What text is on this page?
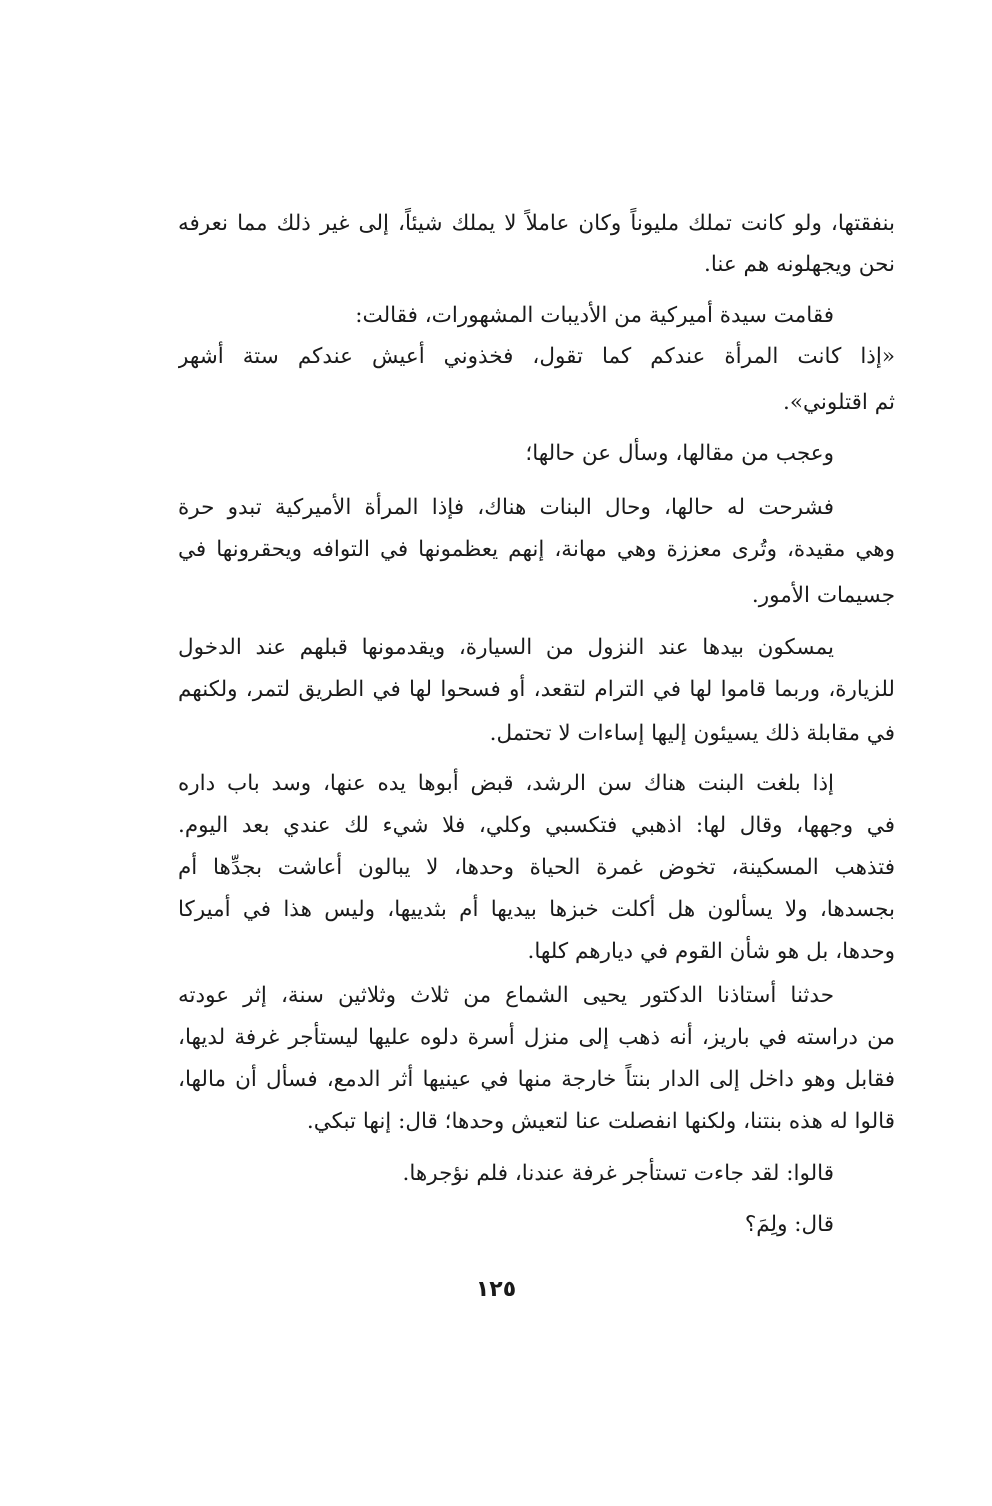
بنفقتها، ولو كانت تملك مليوناً وكان عاملاً لا يملك شيئاً، إلى غير ذلك مما نعرفه
نحن ويجهلونه هم عنا.
فقامت سيدة أميركية من الأديبات المشهورات، فقالت:
«إذا كانت المرأة عندكم كما تقول، فخذوني أعيش عندكم ستة أشهر
ثم اقتلوني».
وعجب من مقالها، وسأل عن حالها؛
فشرحت له حالها، وحال البنات هناك، فإذا المرأة الأميركية تبدو حرة
وهي مقيدة، وتُرى معززة وهي مهانة، إنهم يعظمونها في التوافه ويحقرونها في
جسيمات الأمور.
يمسكون بيدها عند النزول من السيارة، ويقدمونها قبلهم عند الدخول
للزيارة، وربما قاموا لها في الترام لتقعد، أو فسحوا لها في الطريق لتمر، ولكنهم
في مقابلة ذلك يسيئون إليها إساءات لا تحتمل.
إذا بلغت البنت هناك سن الرشد، قبض أبوها يده عنها، وسد باب داره
في وجهها، وقال لها: اذهبي فتكسبي وكلي، فلا شيء لك عندي بعد اليوم.
فتذهب المسكينة، تخوض غمرة الحياة وحدها، لا يبالون أعاشت بجدِّها أم
بجسدها، ولا يسألون هل أكلت خبزها بيديها أم بثدييها، وليس هذا في أميركا
وحدها، بل هو شأن القوم في ديارهم كلها.
حدثنا أستاذنا الدكتور يحيى الشماع من ثلاث وثلاثين سنة، إثر عودته
من دراسته في باريز، أنه ذهب إلى منزل أسرة دلوه عليها ليستأجر غرفة لديها،
فقابل وهو داخل إلى الدار بنتاً خارجة منها في عينيها أثر الدمع، فسأل أن مالها،
قالوا له هذه بنتنا، ولكنها انفصلت عنا لتعيش وحدها؛ قال: إنها تبكي.
قالوا: لقد جاءت تستأجر غرفة عندنا، فلم نؤجرها.
قال: ولِمَ؟
١٢٥
